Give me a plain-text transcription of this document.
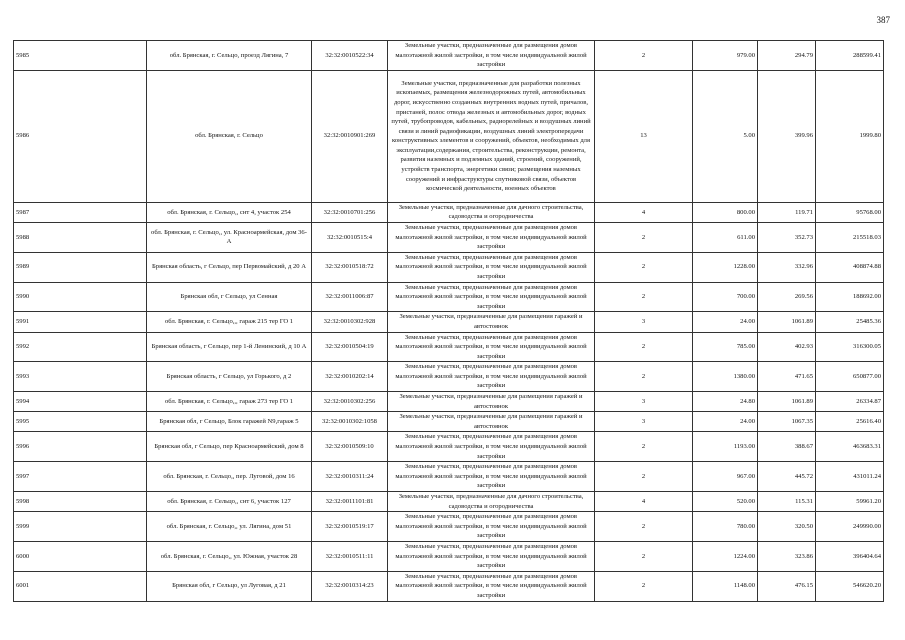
387
5985	обл. Брянская, г. Сельцо, проезд Лягина, 7	32:32:0010522:34	Земельные участки, предназначенные для размещения домов малоэтажной жилой застройки, в том числе индивидуальной жилой застройки	2	979.00	294.79	288599.41
5986	обл. Брянская, г. Сельцо	32:32:0010901:269	Земельные участки, предназначенные для разработки полезных ископаемых, размещения железнодорожных путей, автомобильных дорог, искусственно созданных внутренних водных путей, причалов, пристаней, полос отвода железных и автомобильных дорог, водных путей, трубопроводов, кабельных, радиорелейных и воздушных линий связи и линий радиофикации, воздушных линий электропередачи конструктивных элементов и сооружений, объектов, необходимых для эксплуатации,содержания, строительства, реконструкции, ремонта, развития наземных и подземных зданий, строений, сооружений, устройств транспорта, энергетики связи; размещения наземных сооружений и инфраструктуры спутниковой связи, объектов космической деятельности, военных объектов	13	5.00	399.96	1999.80
5987	обл. Брянская, г. Сельцо,, снт 4, участок 254	32:32:0010701:256	Земельные участки, предназначенные для дачного строительства, садоводства и огородничества	4	800.00	119.71	95768.00
5988	обл. Брянская, г. Сельцо,, ул. Красноармейская, дом 36-А	32:32:0010515:4	Земельные участки, предназначенные для размещения домов малоэтажной жилой застройки, в том числе индивидуальной жилой застройки	2	611.00	352.73	215518.03
5989	Брянская область, г Сельцо, пер Первомайский, д 20 А	32:32:0010518:72	Земельные участки, предназначенные для размещения домов малоэтажной жилой застройки, в том числе индивидуальной жилой застройки	2	1228.00	332.96	408874.88
5990	Брянская обл, г Сельцо, ул Сенная	32:32:0011006:87	Земельные участки, предназначенные для размещения домов малоэтажной жилой застройки, в том числе индивидуальной жилой застройки	2	700.00	269.56	188692.00
5991	обл. Брянская, г. Сельцо,,, гараж 215 тер ГО 1	32:32:0010302:928	Земельные участки, предназначенные для размещения гаражей и автостоянок	3	24.00	1061.89	25485.36
5992	Брянская область, г Сельцо, пер 1-й Ленинский, д 10 А	32:32:0010504:19	Земельные участки, предназначенные для размещения домов малоэтажной жилой застройки, в том числе индивидуальной жилой застройки	2	785.00	402.93	316300.05
5993	Брянская область, г Сельцо, ул Горького, д 2	32:32:0010202:14	Земельные участки, предназначенные для размещения домов малоэтажной жилой застройки, в том числе индивидуальной жилой застройки	2	1380.00	471.65	650877.00
5994	обл. Брянская, г. Сельцо,,, гараж 273 тер ГО 1	32:32:0010302:256	Земельные участки, предназначенные для размещения гаражей и автостоянок	3	24.80	1061.89	26334.87
5995	Брянская обл, г Сельцо, Блок гаражей N9,гараж 5	32:32:0010302:1058	Земельные участки, предназначенные для размещения гаражей и автостоянок	3	24.00	1067.35	25616.40
5996	Брянская обл, г Сельцо, пер Красноармейский, дом 8	32:32:0010509:10	Земельные участки, предназначенные для размещения домов малоэтажной жилой застройки, в том числе индивидуальной жилой застройки	2	1193.00	388.67	463683.31
5997	обл. Брянская, г. Сельцо,, пер. Луговой, дом 16	32:32:0010311:24	Земельные участки, предназначенные для размещения домов малоэтажной жилой застройки, в том числе индивидуальной жилой застройки	2	967.00	445.72	431011.24
5998	обл. Брянская, г. Сельцо,, снт 6, участок 127	32:32:0011101:81	Земельные участки, предназначенные для дачного строительства, садоводства и огородничества	4	520.00	115.31	59961.20
5999	обл. Брянская, г. Сельцо,, ул. Лягина, дом 51	32:32:0010519:17	Земельные участки, предназначенные для размещения домов малоэтажной жилой застройки, в том числе индивидуальной жилой застройки	2	780.00	320.50	249990.00
6000	обл. Брянская, г. Сельцо,, ул. Южная, участок 28	32:32:0010511:11	Земельные участки, предназначенные для размещения домов малоэтажной жилой застройки, в том числе индивидуальной жилой застройки	2	1224.00	323.86	396404.64
6001	Брянская обл, г Сельцо, ул Луговая, д 21	32:32:0010314:23	Земельные участки, предназначенные для размещения домов малоэтажной жилой застройки, в том числе индивидуальной жилой застройки	2	1148.00	476.15	546620.20
